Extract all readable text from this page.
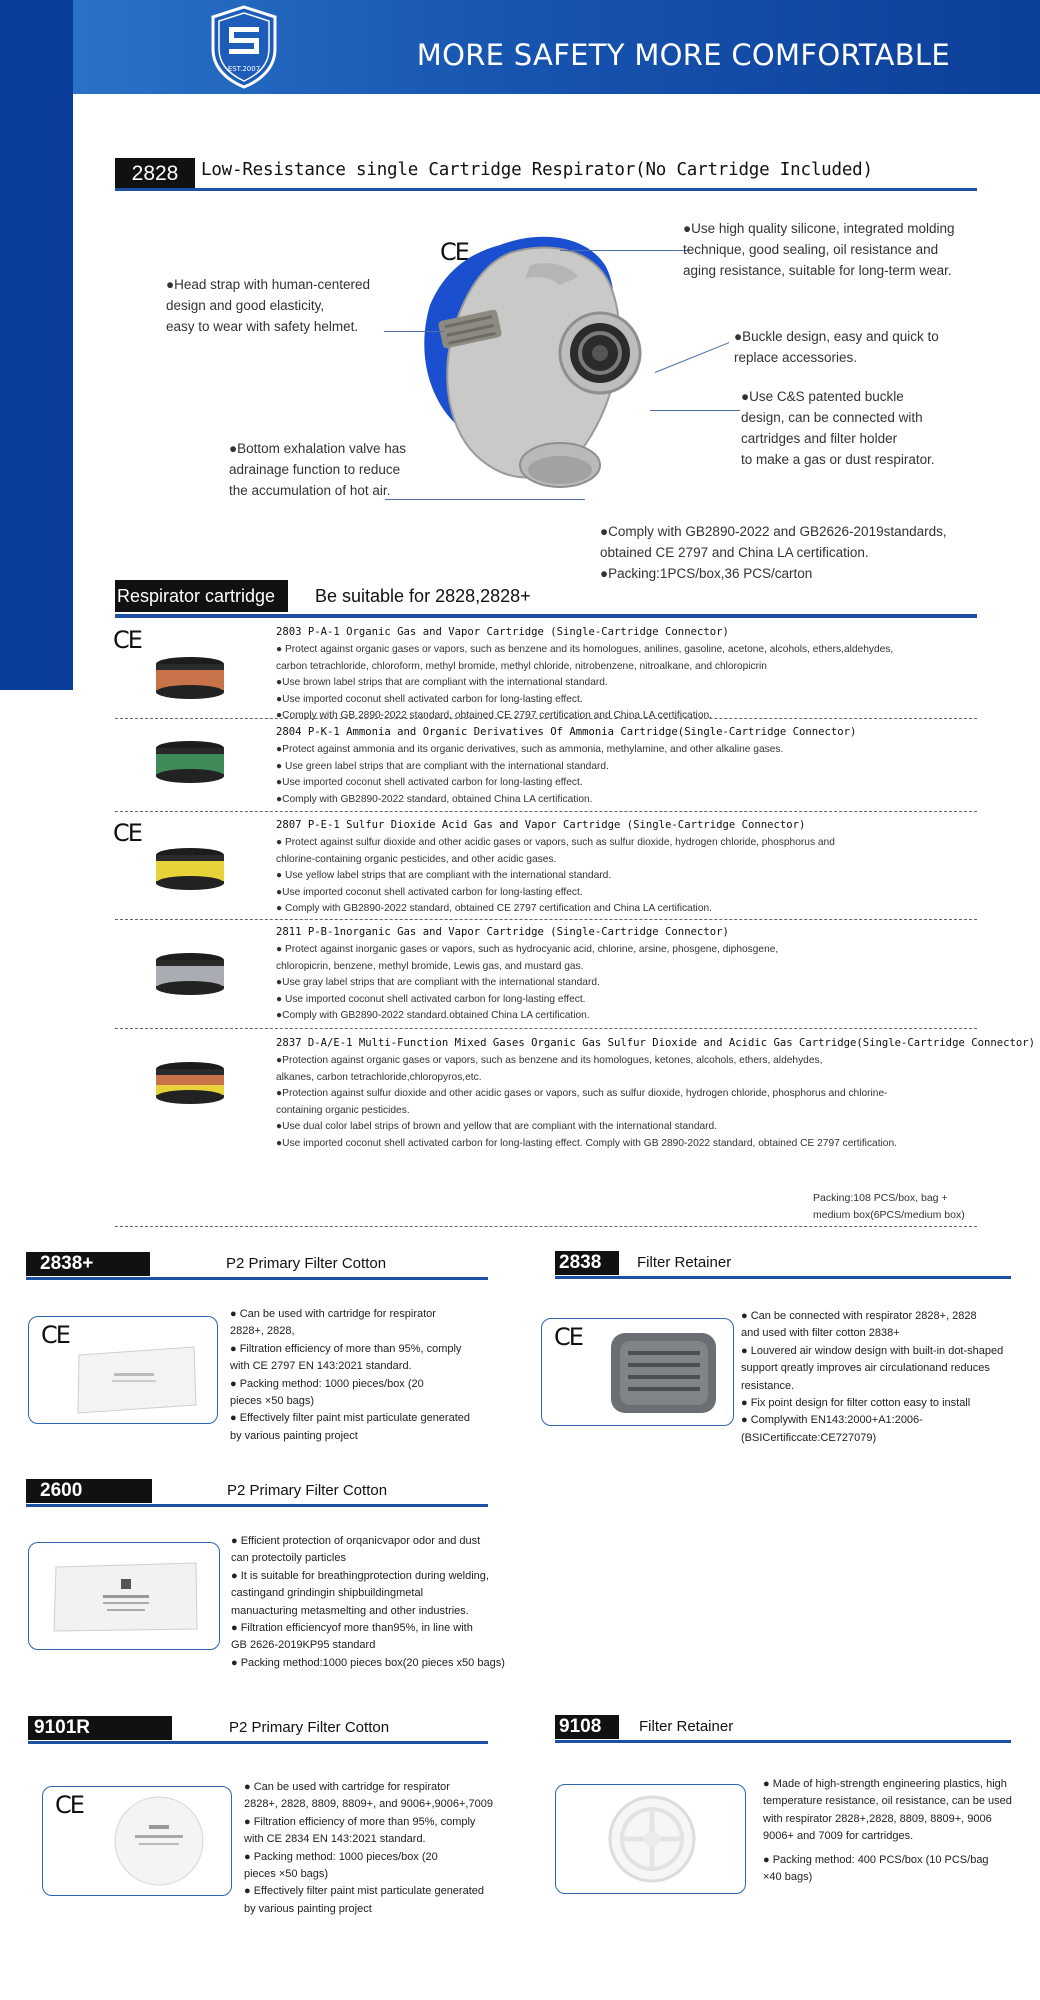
EST.2007	MORE SAFETY MORE COMFORTABLE
2828	Low-Resistance single Cartridge Respirator(No Cartridge Included)
CE
●Head strap with human-centered
design and good elasticity,
easy to wear with safety helmet.
●Bottom exhalation valve has
adrainage function to reduce
the accumulation of hot air.
●Use high quality silicone, integrated molding
technique, good sealing, oil resistance and
aging resistance, suitable for long-term wear.
●Buckle design, easy and quick to
replace accessories.
●Use C&S patented buckle
design, can be connected with
cartridges and filter holder
to make a gas or dust respirator.
●Comply with GB2890-2022 and GB2626-2019standards,
obtained CE 2797 and China LA certification.
●Packing:1PCS/box,36 PCS/carton
Respirator cartridge	Be suitable for 2828,2828+
CE	2803 P-A-1 Organic Gas and Vapor Cartridge (Single-Cartridge Connector)
● Protect against organic gases or vapors, such as benzene and its homologues, anilines, gasoline, acetone, alcohols, ethers,aldehydes,
carbon tetrachloride, chloroform, methyl bromide, methyl chloride, nitrobenzene, nitroalkane, and chloropicrin
●Use brown label strips that are compliant with the international standard.
●Use imported coconut shell activated carbon for long-lasting effect.
●Comply with GB 2890-2022 standard, obtained CE 2797 certification and China LA certification.
2804 P-K-1 Ammonia and Organic Derivatives Of Ammonia Cartridge(Single-Cartridge Connector)
●Protect against ammonia and its organic derivatives, such as ammonia, methylamine, and other alkaline gases.
● Use green label strips that are compliant with the international standard.
●Use imported coconut shell activated carbon for long-lasting effect.
●Comply with GB2890-2022 standard, obtained China LA certification.
CE	2807 P-E-1 Sulfur Dioxide Acid Gas and Vapor Cartridge (Single-Cartridge Connector)
● Protect against sulfur dioxide and other acidic gases or vapors, such as sulfur dioxide, hydrogen chloride, phosphorus and
chlorine-containing organic pesticides, and other acidic gases.
● Use yellow label strips that are compliant with the international standard.
●Use imported coconut shell activated carbon for long-lasting effect.
● Comply with GB2890-2022 standard, obtained CE 2797 certification and China LA certification.
2811 P-B-1norganic Gas and Vapor Cartridge (Single-Cartridge Connector)
● Protect against inorganic gases or vapors, such as hydrocyanic acid, chlorine, arsine, phosgene, diphosgene,
chloropicrin, benzene, methyl bromide, Lewis gas, and mustard gas.
●Use gray label strips that are compliant with the international standard.
● Use imported coconut shell activated carbon for long-lasting effect.
●Comply with GB2890-2022 standard.obtained China LA certification.
2837 D-A/E-1 Multi-Function Mixed Gases Organic Gas Sulfur Dioxide and Acidic Gas Cartridge(Single-Cartridge Connector)
●Protection against organic gases or vapors, such as benzene and its homologues, ketones, alcohols, ethers, aldehydes,
alkanes, carbon tetrachloride,chloropyros,etc.
●Protection against sulfur dioxide and other acidic gases or vapors, such as sulfur dioxide, hydrogen chloride, phosphorus and chlorine-
containing organic pesticides.
●Use dual color label strips of brown and yellow that are compliant with the international standard.
●Use imported coconut shell activated carbon for long-lasting effect. Comply with GB 2890-2022 standard, obtained CE 2797 certification.
Packing:108 PCS/box, bag +
medium box(6PCS/medium box)
2838+	P2 Primary Filter Cotton
CE
● Can be used with cartridge for respirator
2828+, 2828,
● Filtration efficiency of more than 95%, comply
with CE 2797 EN 143:2021 standard.
● Packing method: 1000 pieces/box (20
pieces ×50 bags)
● Effectively filter paint mist particulate generated
by various painting project
2838	Filter Retainer
CE
● Can be connected with respirator 2828+, 2828
and used with filter cotton 2838+
● Louvered air window design with built-in dot-shaped
support qreatly improves air circulationand reduces
resistance.
● Fix point design for filter cotton easy to install
● Complywith EN143:2000+A1:2006-
(BSICertificcate:CE727079)
2600	P2 Primary Filter Cotton
● Efficient protection of orqanicvapor odor and dust
can protectoily particles
● It is suitable for breathingprotection during welding,
castingand grindingin shipbuildingmetal
manuacturing metasmelting and other industries.
● Filtration efficiencyof more than95%, in line with
GB 2626-2019KP95 standard
● Packing method:1000 pieces box(20 pieces x50 bags)
9101R	P2 Primary Filter Cotton
CE
● Can be used with cartridge for respirator
2828+, 2828, 8809, 8809+, and 9006+,9006+,7009
● Filtration efficiency of more than 95%, comply
with CE 2834 EN 143:2021 standard.
● Packing method: 1000 pieces/box (20
pieces ×50 bags)
● Effectively filter paint mist particulate generated
by various painting project
9108	Filter Retainer
● Made of high-strength engineering plastics, high
temperature resistance, oil resistance, can be used
with respirator 2828+,2828, 8809, 8809+, 9006
9006+ and 7009 for cartridges.
● Packing method: 400 PCS/box (10 PCS/bag
×40 bags)
